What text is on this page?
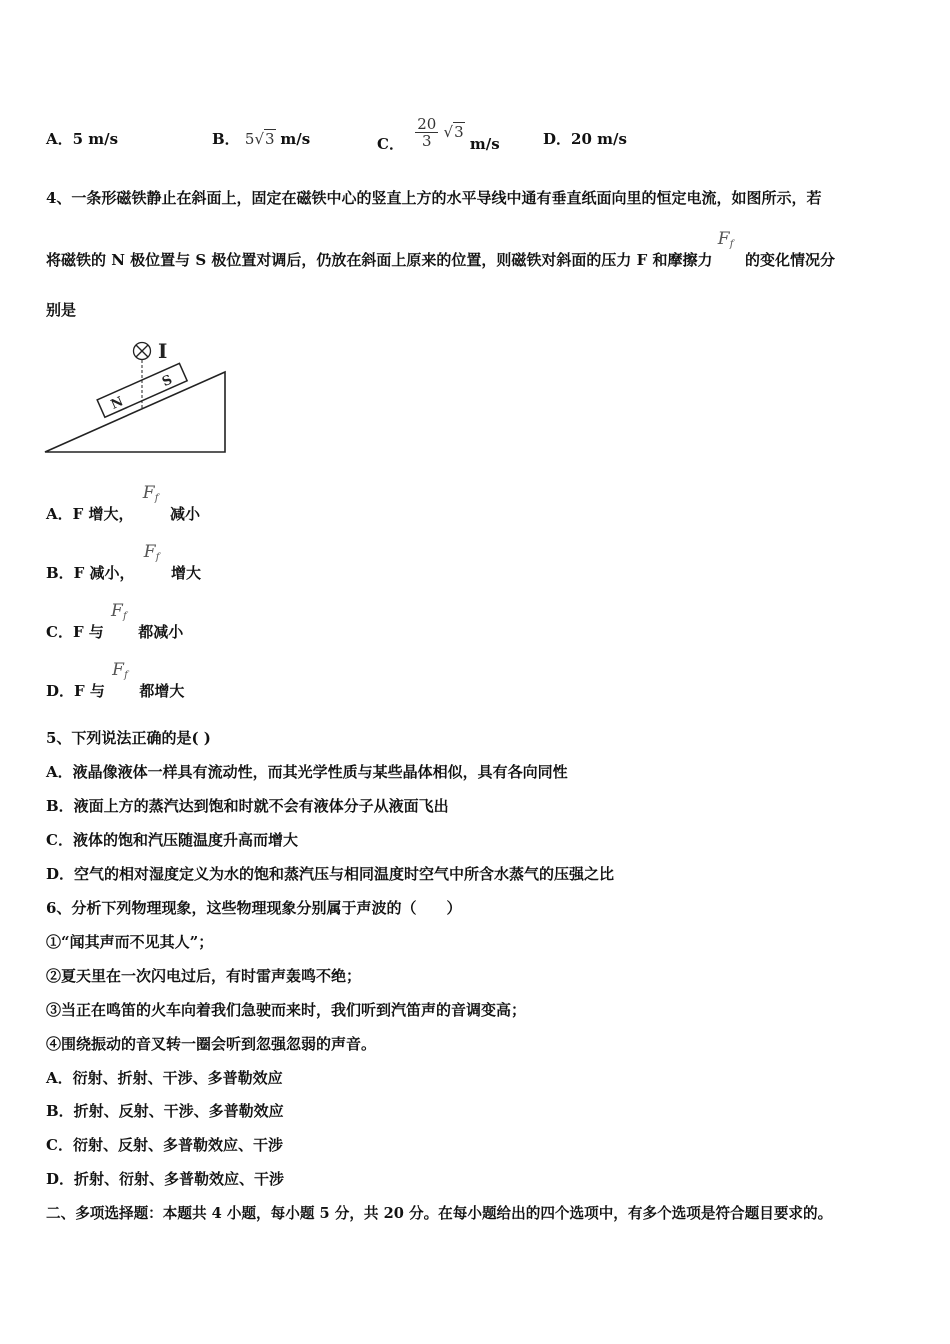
A．5 m/s	B． 5√3 m/s	C． $\frac{20}{3} √3$ m/s	D．20 m/s
4、一条形磁铁静止在斜面上，固定在磁铁中心的竖直上方的水平导线中通有垂直纸面向里的恒定电流，如图所示，若
将磁铁的 N 极位置与 S 极位置对调后，仍放在斜面上原来的位置，则磁铁对斜面的压力 F 和摩擦力
F f
的变化情况分
别是
N
S
I
A．F 增大，
F f
减小
B．F 减小，
F f
增大
C．F 与
F f
都减小
D．F 与
F f
都增大
5、下列说法正确的是( )
A．液晶像液体一样具有流动性，而其光学性质与某些晶体相似，具有各向同性
B．液面上方的蒸汽达到饱和时就不会有液体分子从液面飞出
C．液体的饱和汽压随温度升高而增大
D．空气的相对湿度定义为水的饱和蒸汽压与相同温度时空气中所含水蒸气的压强之比
6、分析下列物理现象，这些物理现象分别属于声波的（　　）
①“闻其声而不见其人”；
②夏天里在一次闪电过后，有时雷声轰鸣不绝；
③当正在鸣笛的火车向着我们急驶而来时，我们听到汽笛声的音调变高；
④围绕振动的音叉转一圈会听到忽强忽弱的声音。
A．衍射、折射、干涉、多普勒效应
B．折射、反射、干涉、多普勒效应
C．衍射、反射、多普勒效应、干涉
D．折射、衍射、多普勒效应、干涉
二、多项选择题：本题共 4 小题，每小题 5 分，共 20 分。在每小题给出的四个选项中，有多个选项是符合题目要求的。
